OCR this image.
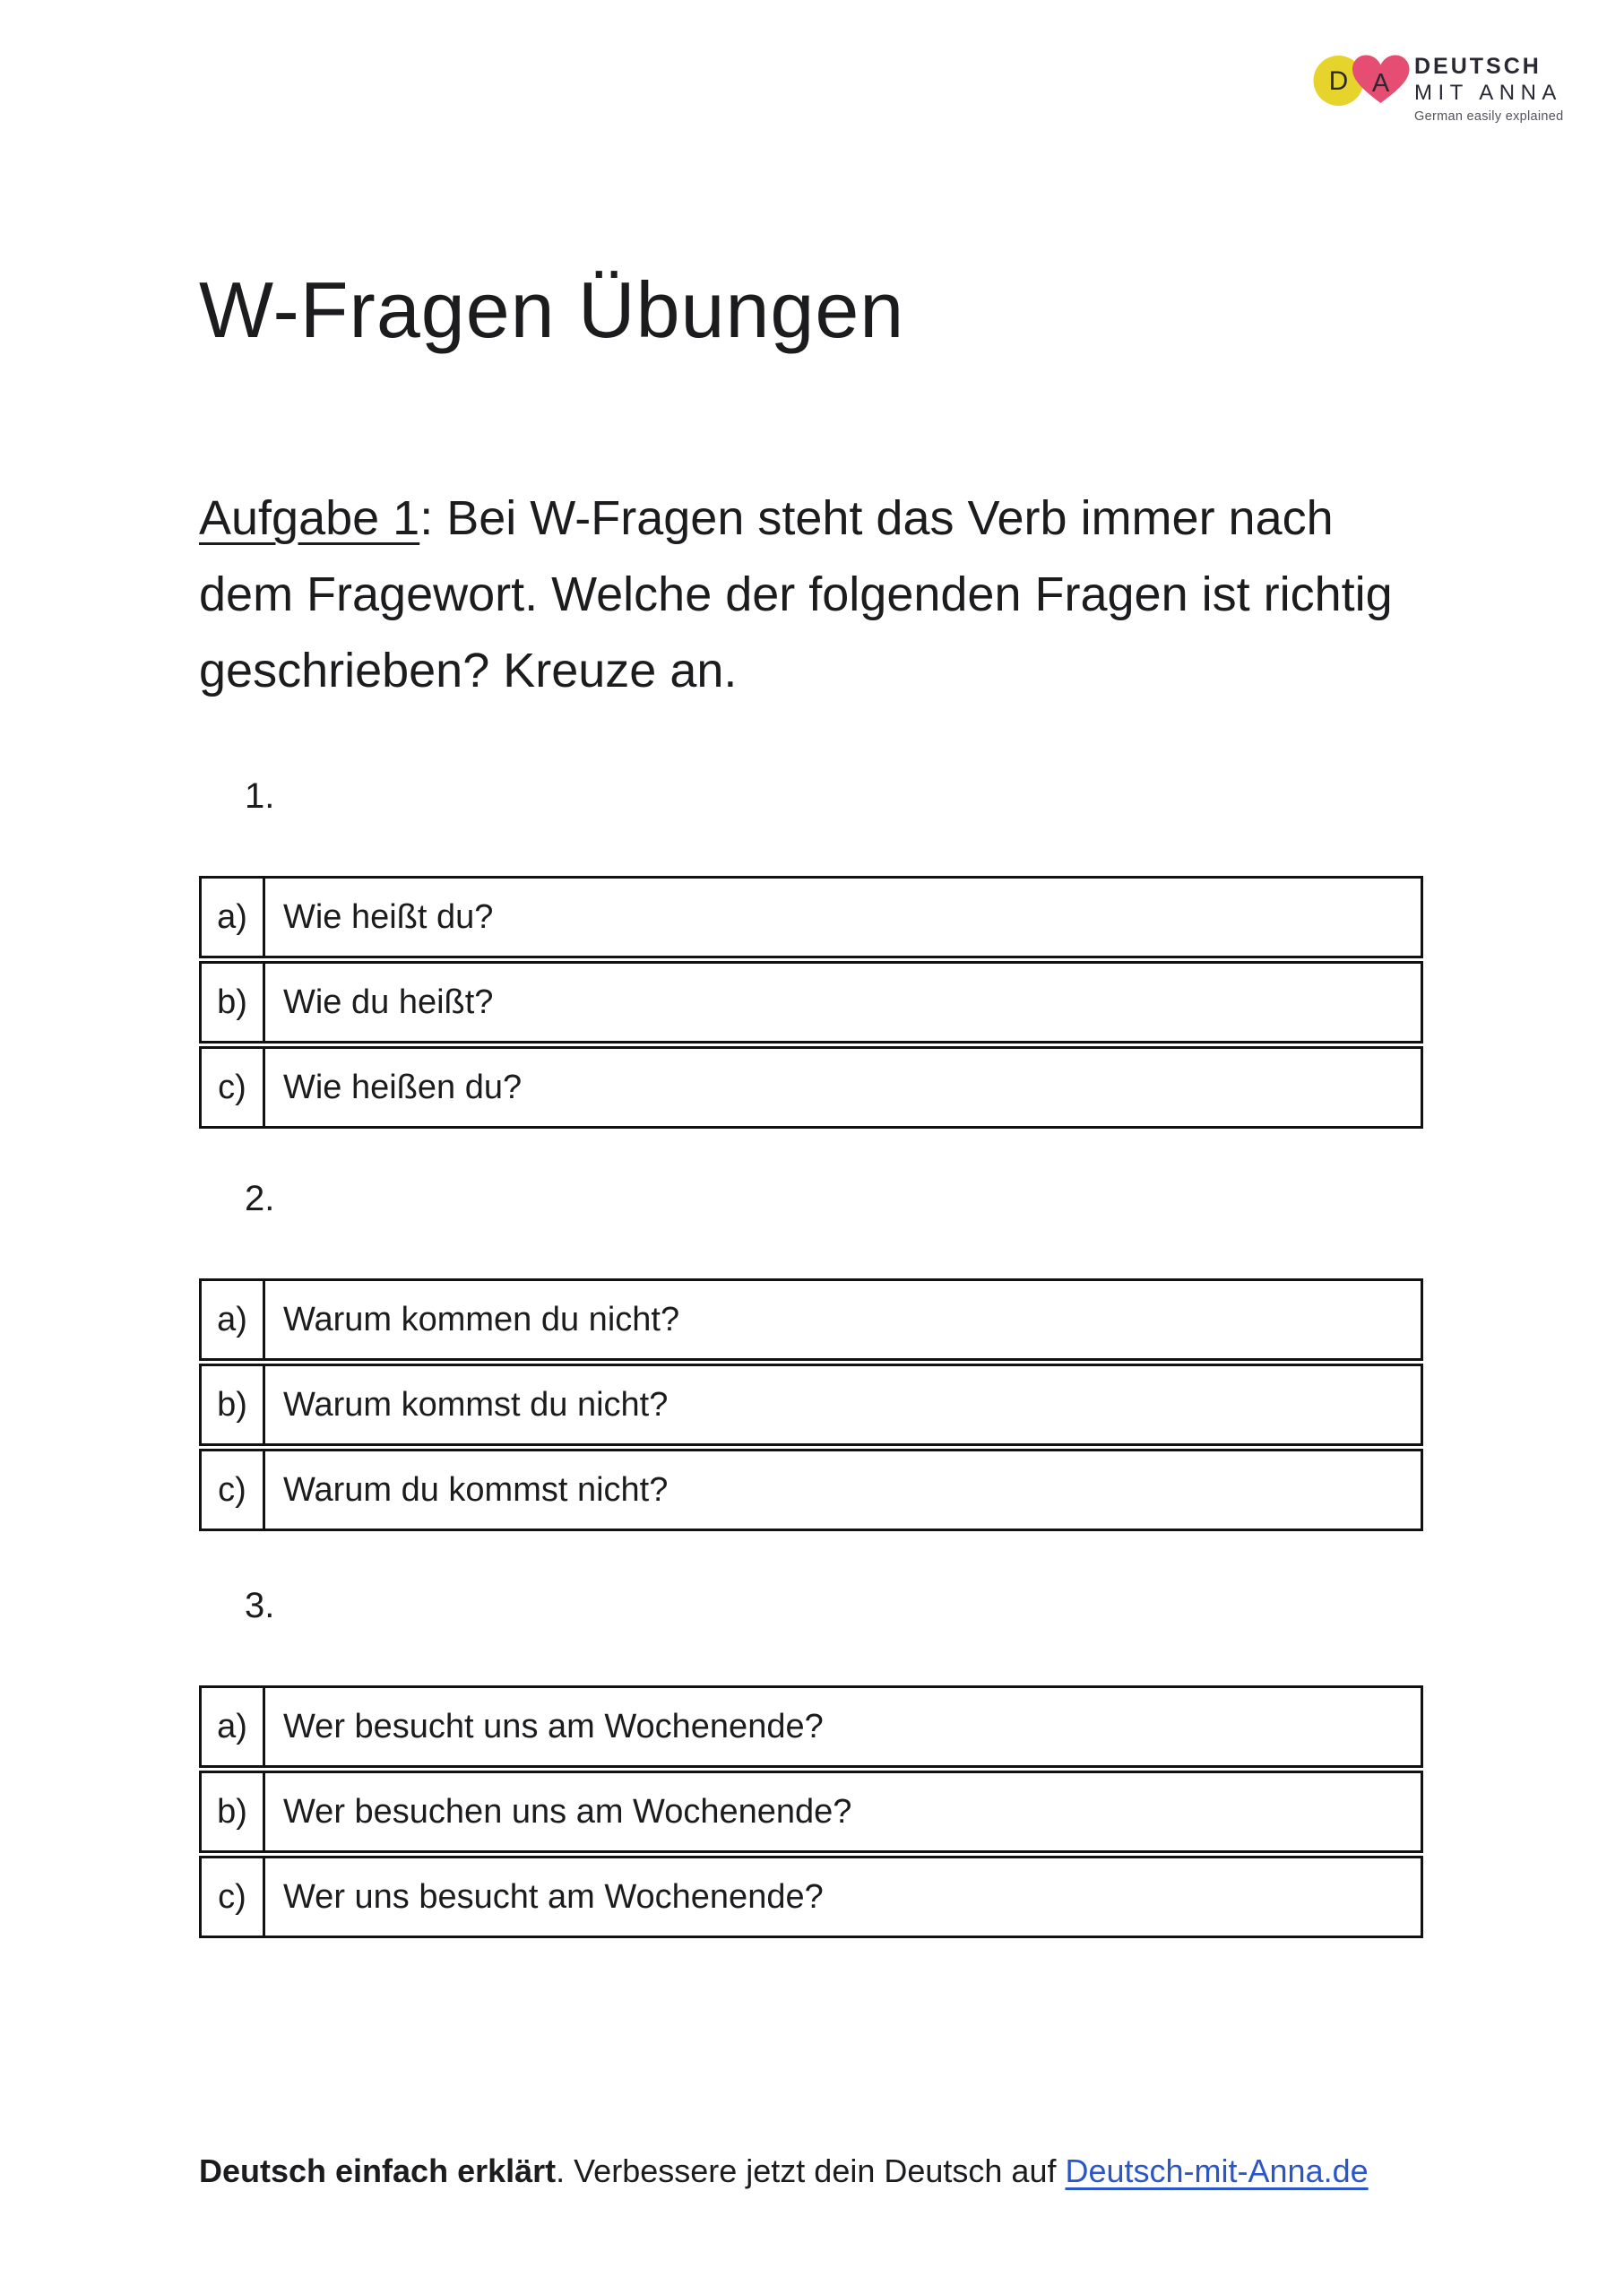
D A
DEUTSCH
MIT ANNA
German easily explained
W-Fragen Übungen
Aufgabe 1: Bei W-Fragen steht das Verb immer nach
dem Fragewort. Welche der folgenden Fragen ist richtig
geschrieben? Kreuze an.
1.
a)	Wie heißt du?
b)	Wie du heißt?
c)	Wie heißen du?
2.
a)	Warum kommen du nicht?
b)	Warum kommst du nicht?
c)	Warum du kommst nicht?
3.
a)	Wer besucht uns am Wochenende?
b)	Wer besuchen uns am Wochenende?
c)	Wer uns besucht am Wochenende?
Deutsch einfach erklärt. Verbessere jetzt dein Deutsch auf Deutsch-mit-Anna.de
